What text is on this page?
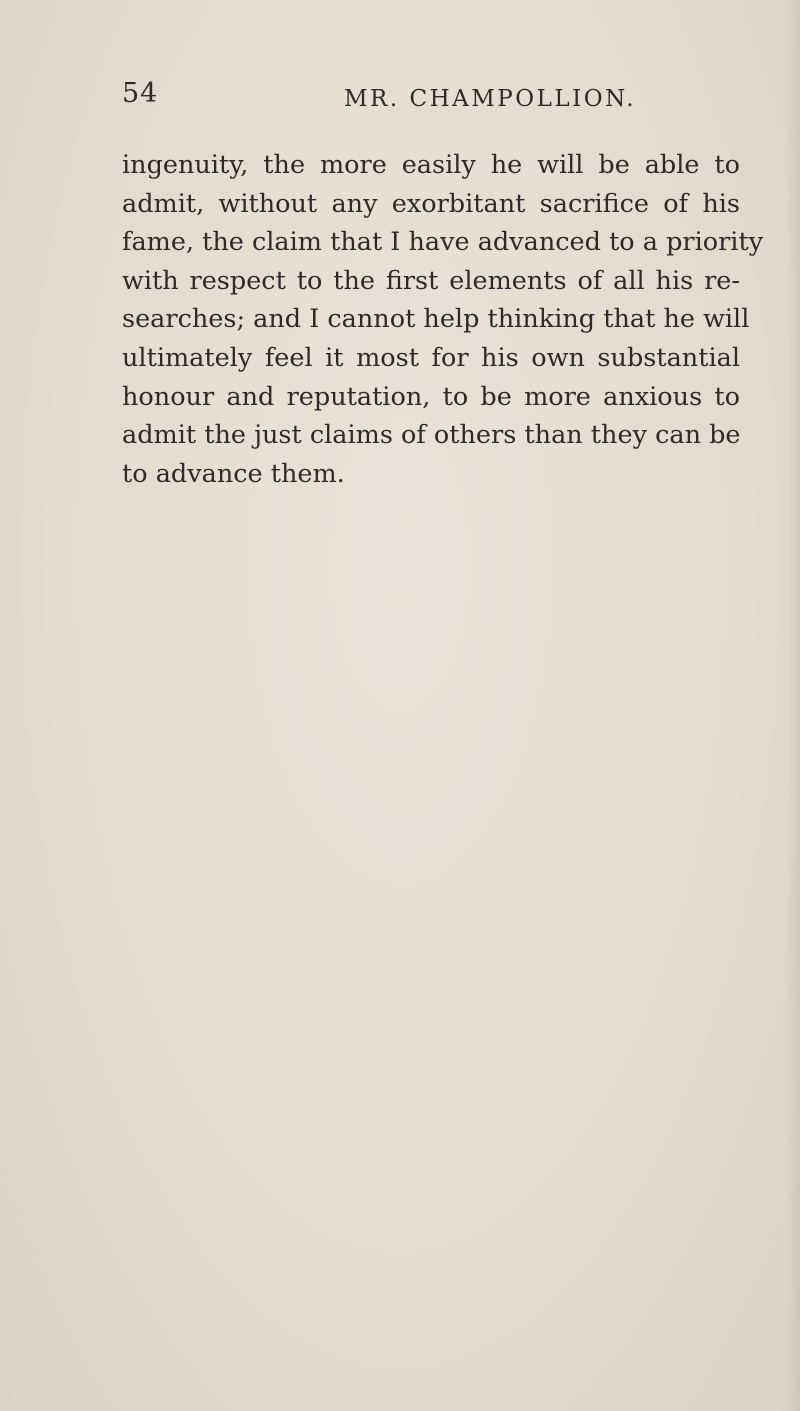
54	MR. CHAMPOLLION.
ingenuity, the more easily he will be able to
admit, without any exorbitant sacrifice of his
fame, the claim that I have advanced to a priority
with respect to the first elements of all his re-
searches; and I cannot help thinking that he will
ultimately feel it most for his own substantial
honour and reputation, to be more anxious to
admit the just claims of others than they can be
to advance them.
